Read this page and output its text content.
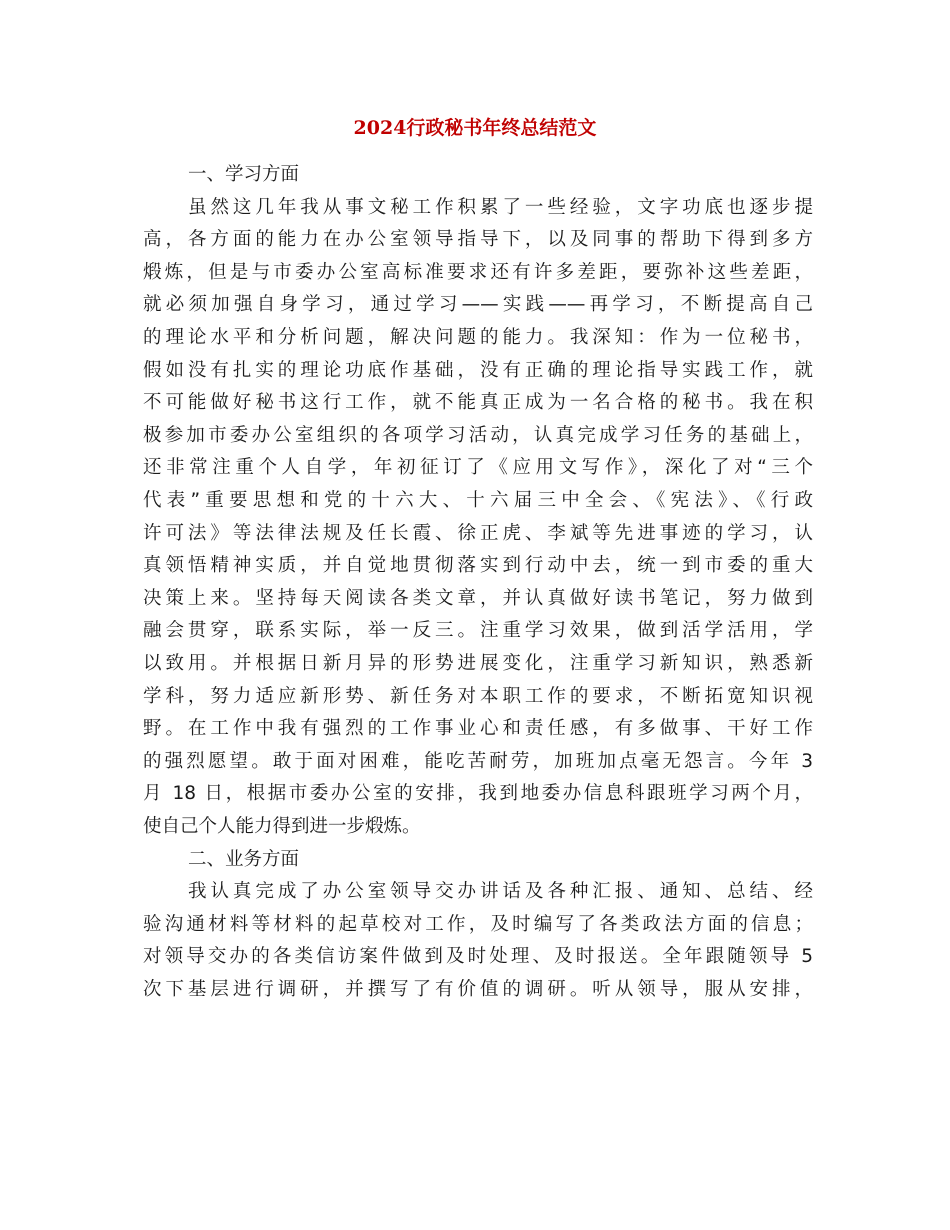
2024行政秘书年终总结范文

一、学习方面

虽然这几年我从事文秘工作积累了一些经验，文字功底也逐步提

高，各方面的能力在办公室领导指导下，以及同事的帮助下得到多方

煅炼，但是与市委办公室高标准要求还有许多差距，要弥补这些差距，

就必须加强自身学习，通过学习——实践——再学习，不断提高自己

的理论水平和分析问题，解决问题的能力。我深知：作为一位秘书，

假如没有扎实的理论功底作基础，没有正确的理论指导实践工作，就

不可能做好秘书这行工作，就不能真正成为一名合格的秘书。我在积

极参加市委办公室组织的各项学习活动，认真完成学习任务的基础上，

还非常注重个人自学，年初征订了《应用文写作》，深化了对“三个

代表”重要思想和党的十六大、十六届三中全会、《宪法》、《行政

许可法》等法律法规及任长霞、徐正虎、李斌等先进事迹的学习，认

真领悟精神实质，并自觉地贯彻落实到行动中去，统一到市委的重大

决策上来。坚持每天阅读各类文章，并认真做好读书笔记，努力做到

融会贯穿，联系实际，举一反三。注重学习效果，做到活学活用，学

以致用。并根据日新月异的形势进展变化，注重学习新知识，熟悉新

学科，努力适应新形势、新任务对本职工作的要求，不断拓宽知识视

野。在工作中我有强烈的工作事业心和责任感，有多做事、干好工作

的强烈愿望。敢于面对困难，能吃苦耐劳，加班加点毫无怨言。今年 3

月 18 日，根据市委办公室的安排，我到地委办信息科跟班学习两个月，

使自己个人能力得到进一步煅炼。

二、业务方面

我认真完成了办公室领导交办讲话及各种汇报、通知、总结、经

验沟通材料等材料的起草校对工作，及时编写了各类政法方面的信息；

对领导交办的各类信访案件做到及时处理、及时报送。全年跟随领导 5

次下基层进行调研，并撰写了有价值的调研。听从领导，服从安排，
